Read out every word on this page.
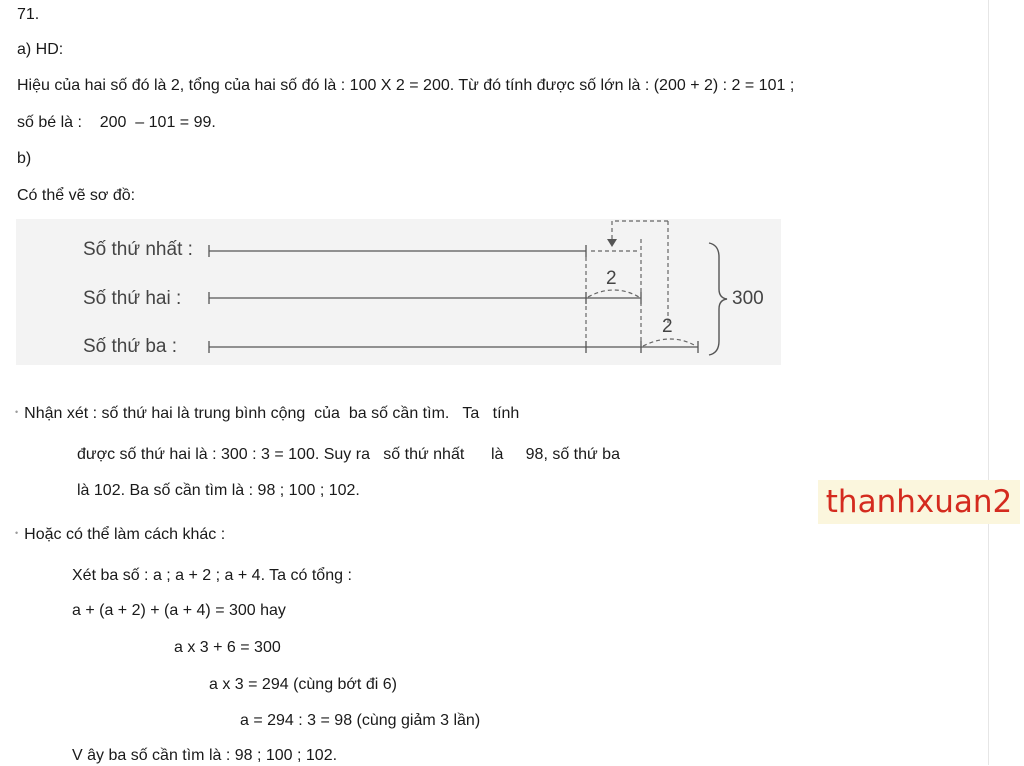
71.
a) HD:
Hiệu của hai số đó là 2, tổng của hai số đó là : 100 X 2 = 200. Từ đó tính được số lớn là : (200 + 2) : 2 = 101 ;
số bé là :    200  – 101 = 99.
b)
Có thể vẽ sơ đồ:
Số thứ nhất :
Số thứ hai :
Số thứ ba :
2
2
300
• Nhận xét : số thứ hai là trung bình cộng  của  ba số cần tìm.   Ta   tính
được số thứ hai là : 300 : 3 = 100. Suy ra   số thứ nhất      là     98, số thứ ba
là 102. Ba số cần tìm là : 98 ; 100 ; 102.
• Hoặc có thể làm cách khác :
Xét ba số : a ; a + 2 ; a + 4. Ta có tổng :
a + (a + 2) + (a + 4) = 300 hay
a x 3 + 6 = 300
a x 3 = 294 (cùng bớt đi 6)
a = 294 : 3 = 98 (cùng giảm 3 lần)
V ây ba số cần tìm là : 98 ; 100 ; 102.
thanhxuan2
